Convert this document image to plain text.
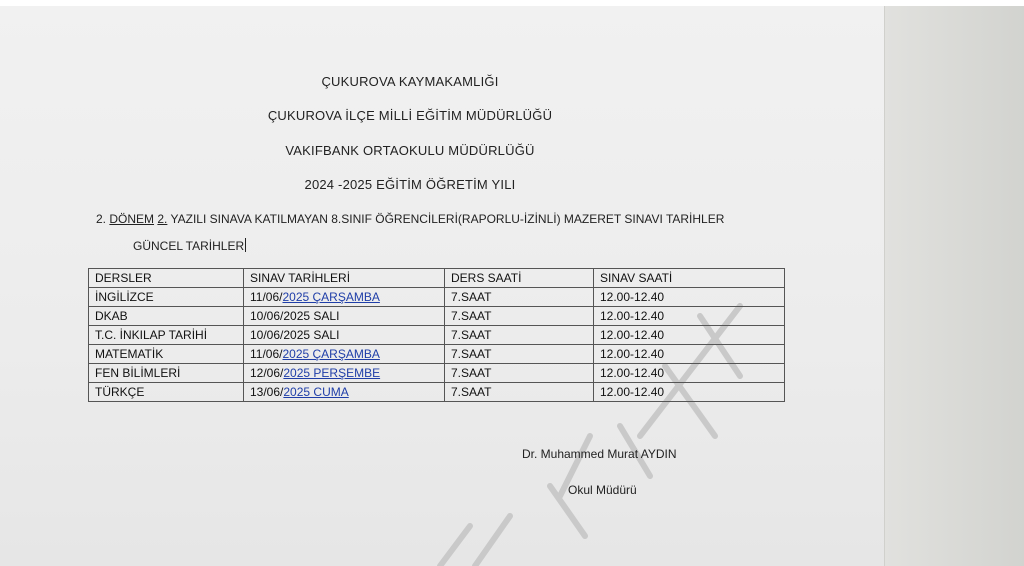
ÇUKUROVA KAYMAKAMLIĞI
ÇUKUROVA İLÇE MİLLİ EĞİTİM MÜDÜRLÜĞÜ
VAKIFBANK ORTAOKULU MÜDÜRLÜĞÜ
2024 -2025 EĞİTİM ÖĞRETİM YILI
2. DÖNEM 2. YAZILI SINAVA KATILMAYAN 8.SINIF ÖĞRENCİLERİ(RAPORLU-İZİNLİ) MAZERET SINAVI TARİHLER
GÜNCEL TARİHLER
DERSLER	SINAV TARİHLERİ	DERS SAATİ	SINAV SAATİ
İNGİLİZCE	11/06/2025 ÇARŞAMBA	7.SAAT	12.00-12.40
DKAB	10/06/2025 SALI	7.SAAT	12.00-12.40
T.C. İNKILAP TARİHİ	10/06/2025 SALI	7.SAAT	12.00-12.40
MATEMATİK	11/06/2025 ÇARŞAMBA	7.SAAT	12.00-12.40
FEN BİLİMLERİ	12/06/2025 PERŞEMBE	7.SAAT	12.00-12.40
TÜRKÇE	13/06/2025 CUMA	7.SAAT	12.00-12.40
Dr. Muhammed Murat AYDIN
Okul Müdürü
